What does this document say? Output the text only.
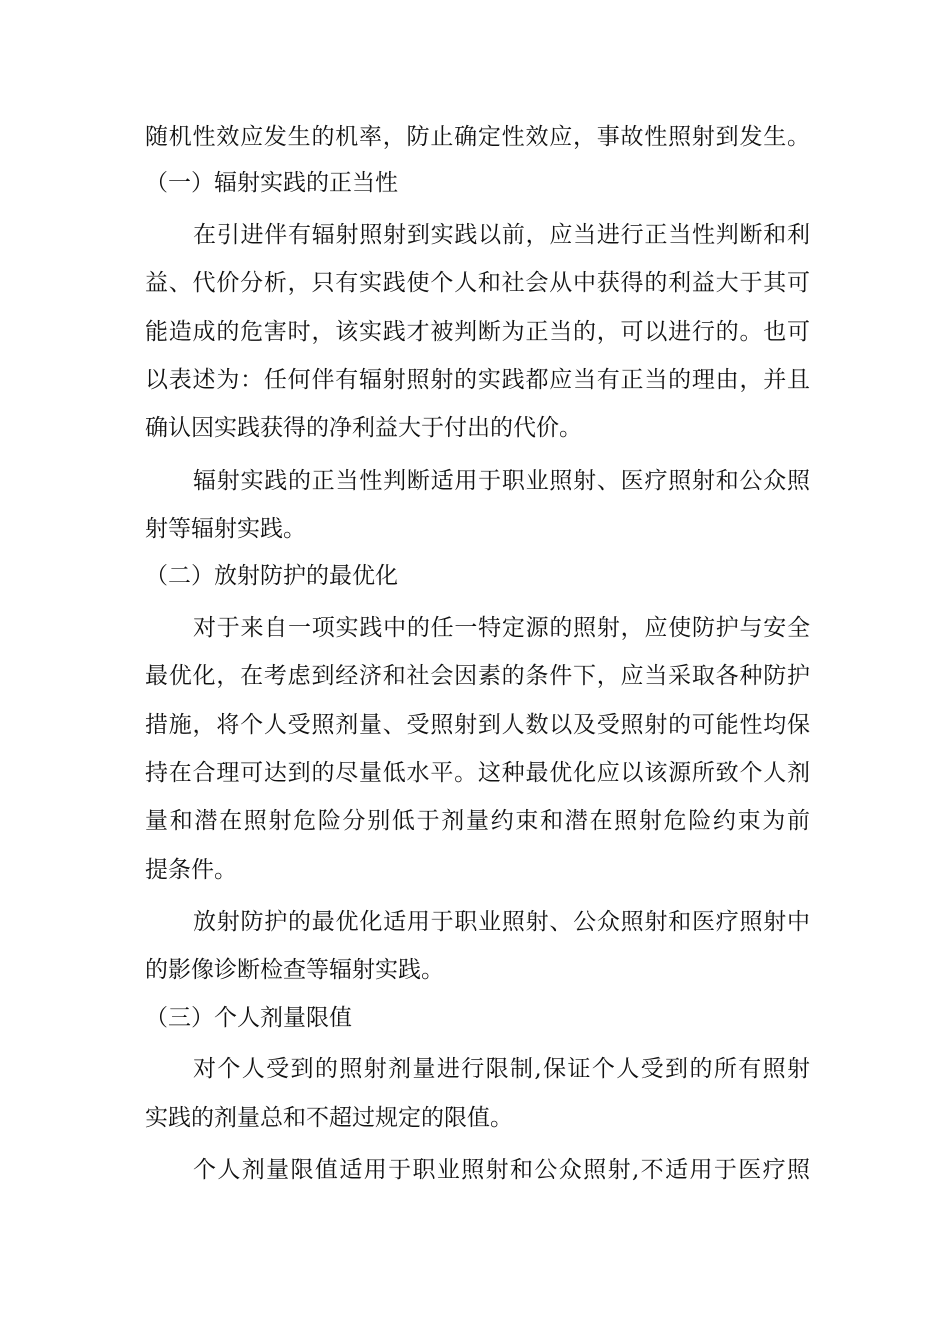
随机性效应发生的机率，防止确定性效应，事故性照射到发生。
（一）辐射实践的正当性
在引进伴有辐射照射到实践以前，应当进行正当性判断和利
益、代价分析，只有实践使个人和社会从中获得的利益大于其可
能造成的危害时，该实践才被判断为正当的，可以进行的。也可
以表述为：任何伴有辐射照射的实践都应当有正当的理由，并且
确认因实践获得的净利益大于付出的代价。
辐射实践的正当性判断适用于职业照射、医疗照射和公众照
射等辐射实践。
（二）放射防护的最优化
对于来自一项实践中的任一特定源的照射，应使防护与安全
最优化，在考虑到经济和社会因素的条件下，应当采取各种防护
措施，将个人受照剂量、受照射到人数以及受照射的可能性均保
持在合理可达到的尽量低水平。这种最优化应以该源所致个人剂
量和潜在照射危险分别低于剂量约束和潜在照射危险约束为前
提条件。
放射防护的最优化适用于职业照射、公众照射和医疗照射中
的影像诊断检查等辐射实践。
（三）个人剂量限值
对个人受到的照射剂量进行限制,保证个人受到的所有照射
实践的剂量总和不超过规定的限值。
个人剂量限值适用于职业照射和公众照射,不适用于医疗照
